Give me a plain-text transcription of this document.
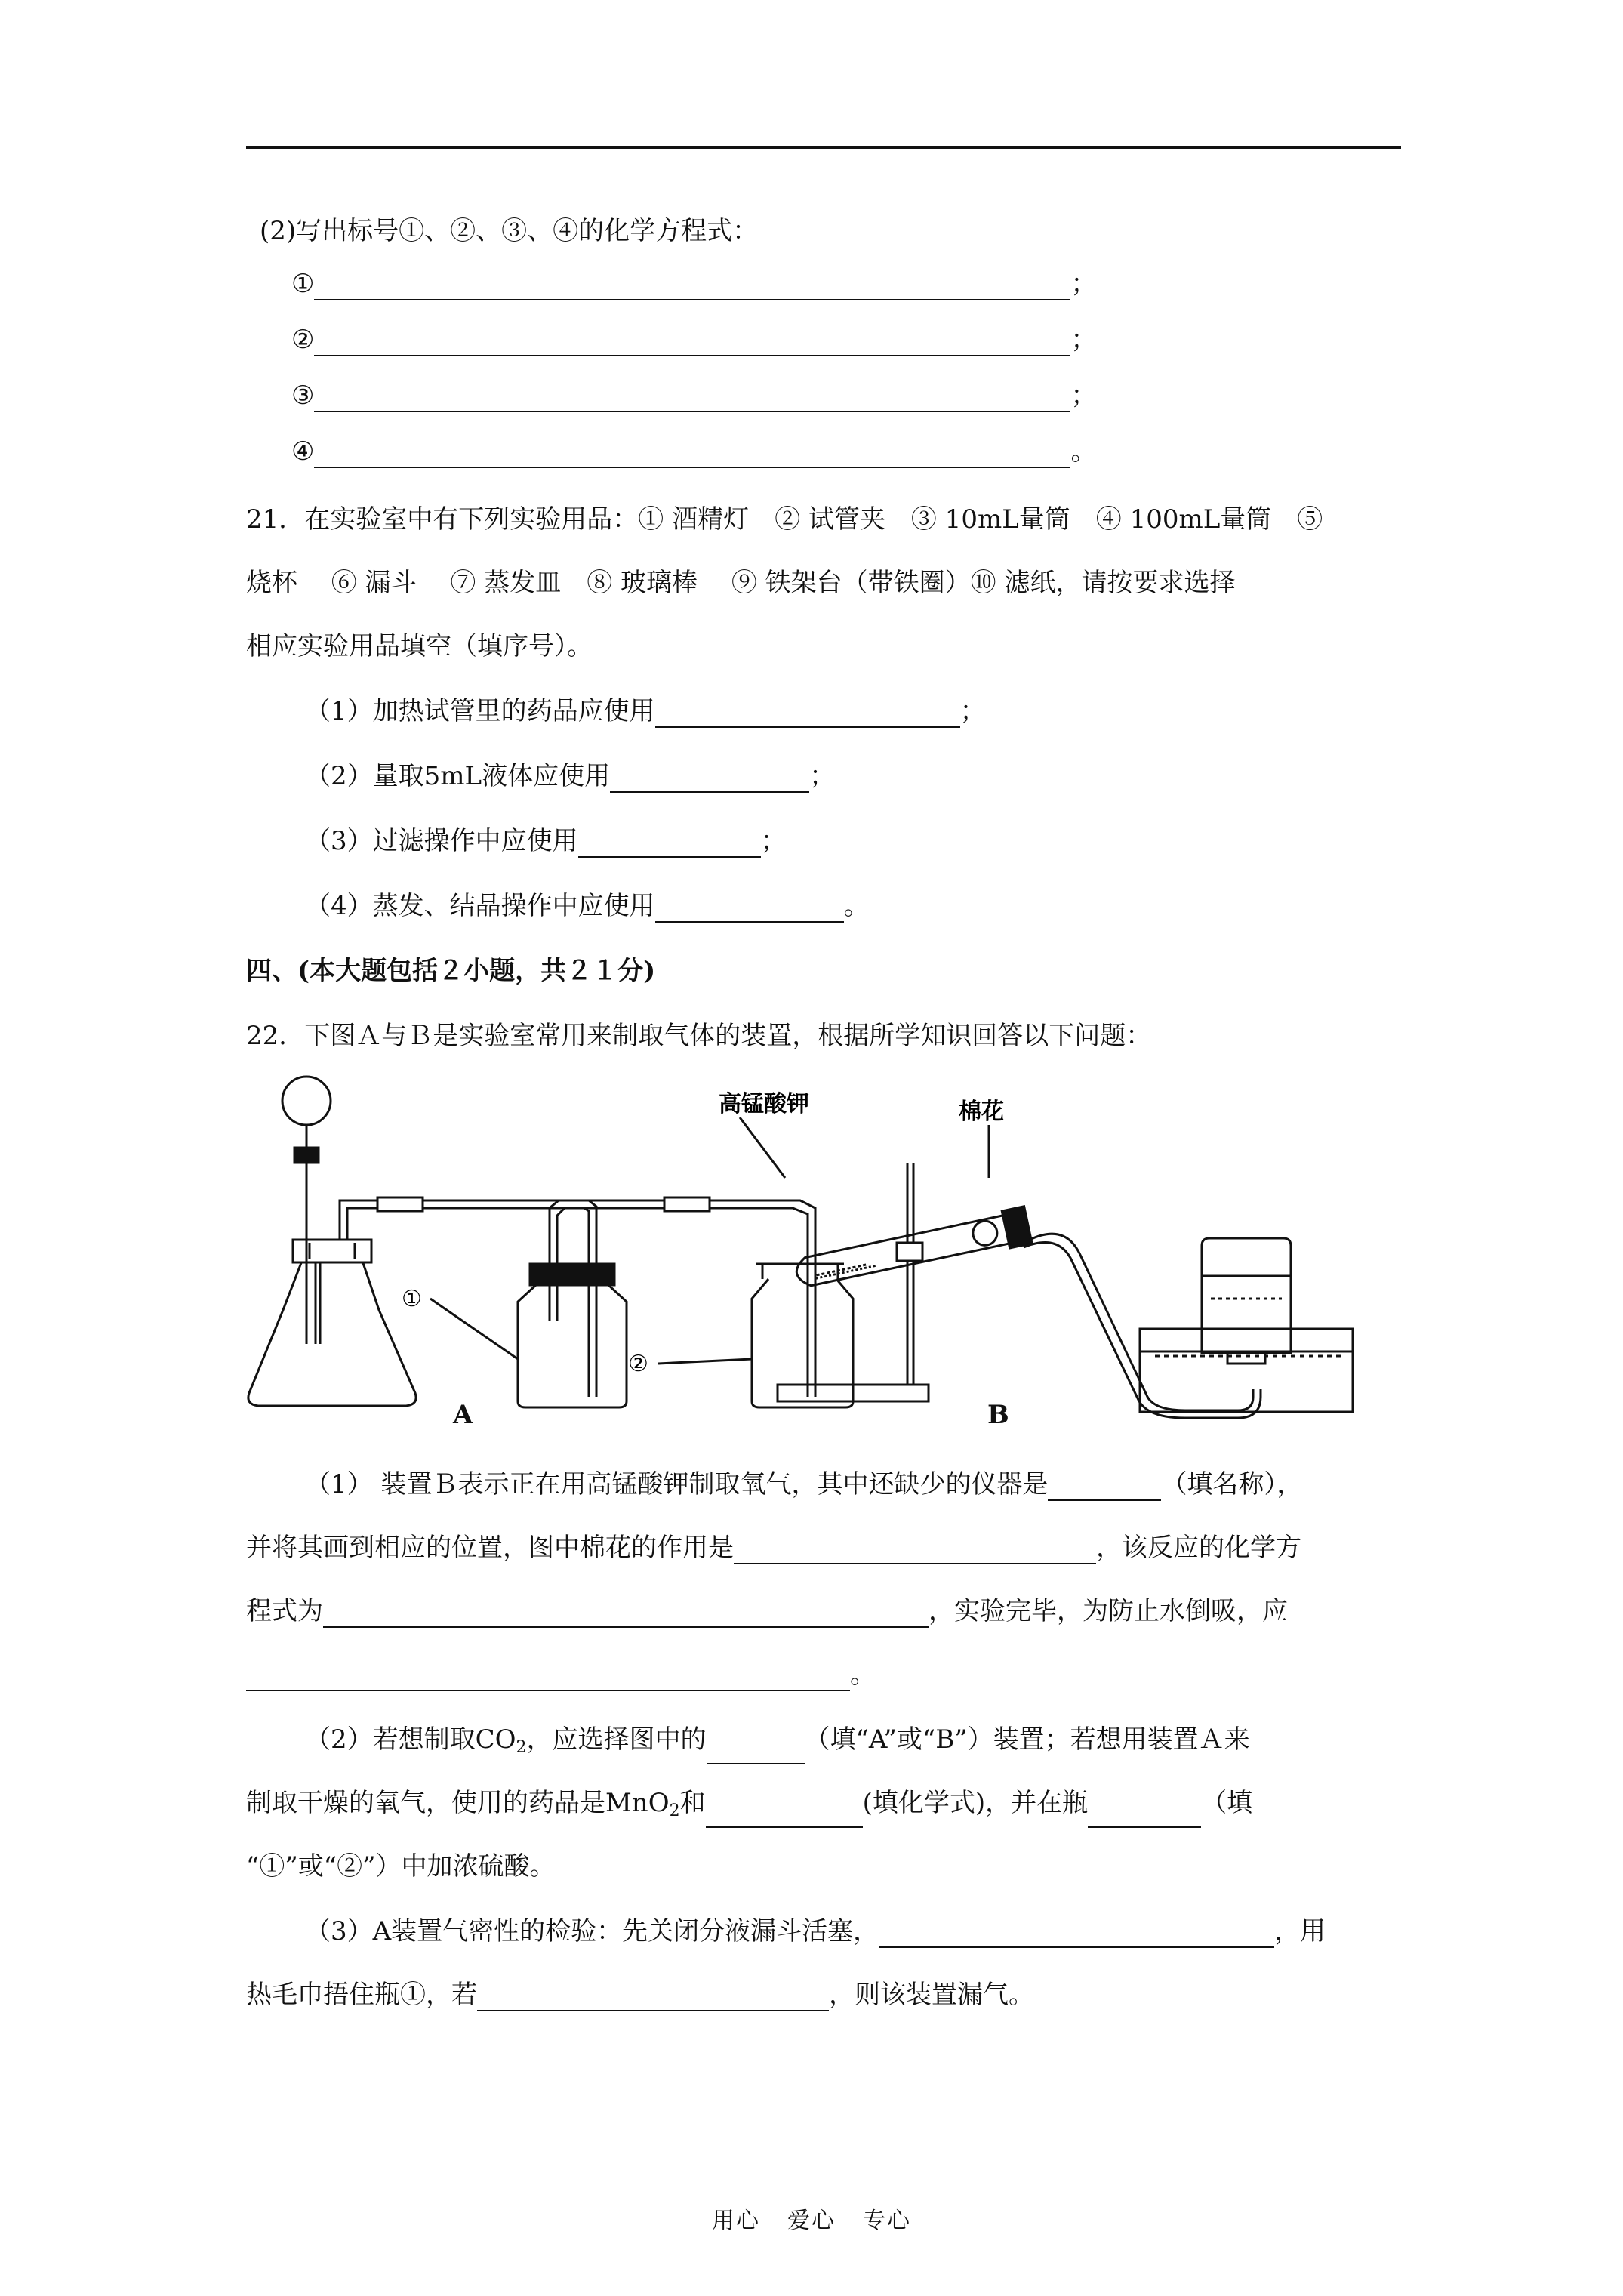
(2)写出标号①、②、③、④的化学方程式：
①	；
②	；
③	；
④	。
21．在实验室中有下列实验用品：① 酒精灯　② 试管夹　③ 10mL量筒　④ 100mL量筒　⑤
烧杯　 ⑥ 漏斗　 ⑦ 蒸发皿　⑧ 玻璃棒　 ⑨ 铁架台（带铁圈）⑩ 滤纸，请按要求选择
相应实验用品填空（填序号）。
（1）加热试管里的药品应使用	；
（2）量取5mL液体应使用	；
（3）过滤操作中应使用	；
（4）蒸发、结晶操作中应使用	。
四、(本大题包括２小题，共２１分)
22．下图Ａ与Ｂ是实验室常用来制取气体的装置，根据所学知识回答以下问题：
①
②
高锰酸钾	棉花
A	B
（1） 装置Ｂ表示正在用高锰酸钾制取氧气，其中还缺少的仪器是	（填名称），
并将其画到相应的位置，图中棉花的作用是	，该反应的化学方
程式为	，实验完毕，为防止水倒吸，应
。
（2）若想制取$CO_2$，应选择图中的	（填“A”或“B”）装置；若想用装置Ａ来
制取干燥的氧气，使用的药品是MnO$_2$和	(填化学式)，并在瓶	（填
“①”或“②”）中加浓硫酸。
（3）A装置气密性的检验：先关闭分液漏斗活塞，	，用
热毛巾捂住瓶①，若	，则该装置漏气。
用心 爱心 专心
